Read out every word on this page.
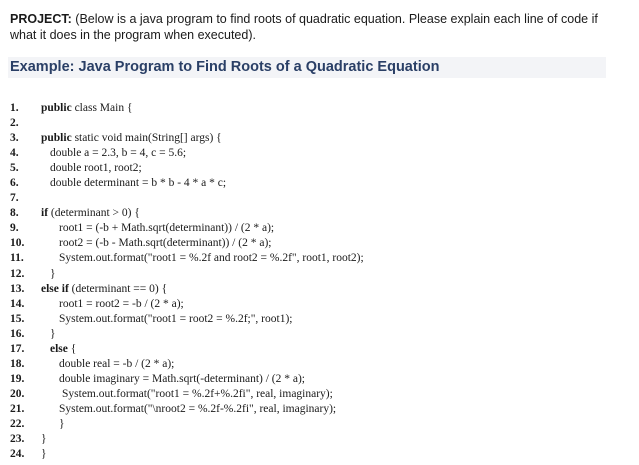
PROJECT: (Below is a java program to find roots of quadratic equation. Please explain each line of code if what it does in the program when executed).
Example: Java Program to Find Roots of a Quadratic Equation
1. public class Main {
2.
3. public static void main(String[] args) {
4.	double a = 2.3, b = 4, c = 5.6;
5.	double root1, root2;
6.	double determinant = b * b - 4 * a * c;
7.
8. if (determinant > 0) {
9.	root1 = (-b + Math.sqrt(determinant)) / (2 * a);
10.	root2 = (-b - Math.sqrt(determinant)) / (2 * a);
11.	System.out.format("root1 = %.2f and root2 = %.2f", root1, root2);
12. }
13. else if (determinant == 0) {
14.	root1 = root2 = -b / (2 * a);
15.	System.out.format("root1 = root2 = %.2f;", root1);
16. }
17. else {
18.	double real = -b / (2 * a);
19.	double imaginary = Math.sqrt(-determinant) / (2 * a);
20.	System.out.format("root1 = %.2f+%.2fi", real, imaginary);
21.	System.out.format("\nroot2 = %.2f-%.2fi", real, imaginary);
22.	}
23. }
24. }
